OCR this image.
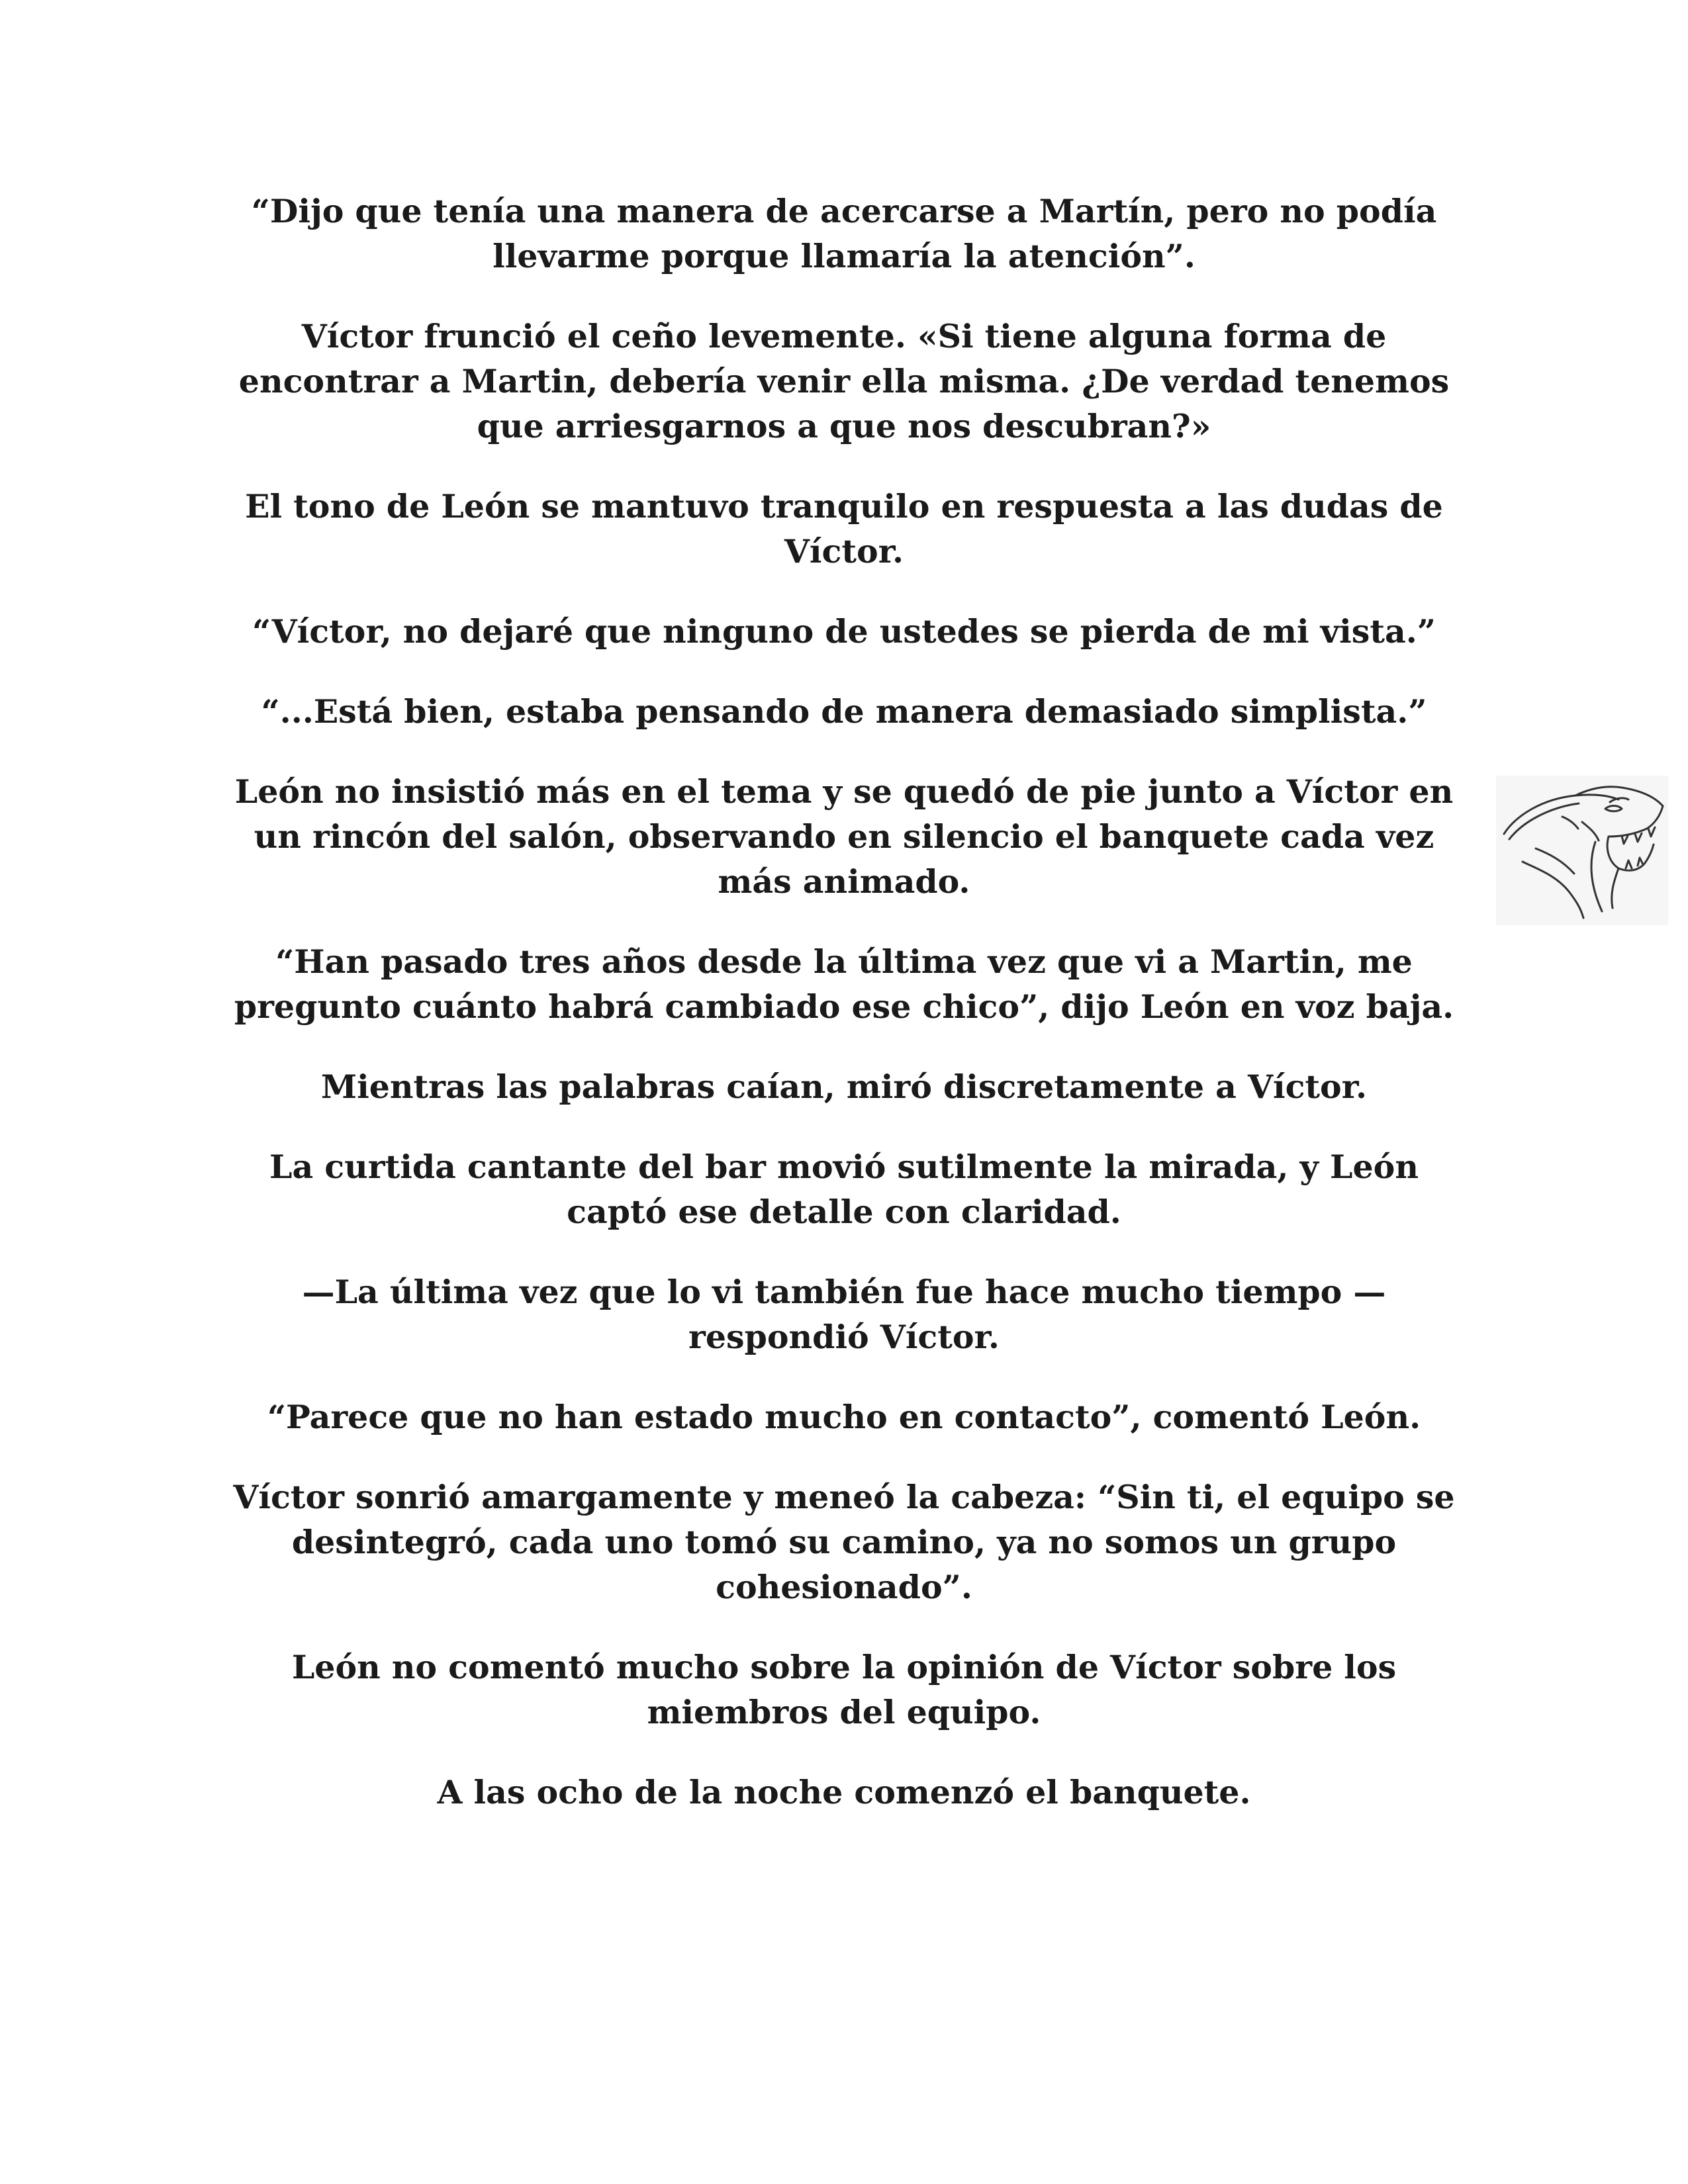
“Dijo que tenía una manera de acercarse a Martín, pero no podía llevarme porque llamaría la atención”.

Víctor frunció el ceño levemente. «Si tiene alguna forma de encontrar a Martin, debería venir ella misma. ¿De verdad tenemos que arriesgarnos a que nos descubran?»

El tono de León se mantuvo tranquilo en respuesta a las dudas de Víctor.

“Víctor, no dejaré que ninguno de ustedes se pierda de mi vista.”

“...Está bien, estaba pensando de manera demasiado simplista.”

León no insistió más en el tema y se quedó de pie junto a Víctor en un rincón del salón, observando en silencio el banquete cada vez más animado.

“Han pasado tres años desde la última vez que vi a Martin, me pregunto cuánto habrá cambiado ese chico”, dijo León en voz baja.

Mientras las palabras caían, miró discretamente a Víctor.

La curtida cantante del bar movió sutilmente la mirada, y León captó ese detalle con claridad.

—La última vez que lo vi también fue hace mucho tiempo — respondió Víctor.

“Parece que no han estado mucho en contacto”, comentó León.

Víctor sonrió amargamente y meneó la cabeza: “Sin ti, el equipo se desintegró, cada uno tomó su camino, ya no somos un grupo cohesionado”.

León no comentó mucho sobre la opinión de Víctor sobre los miembros del equipo.

A las ocho de la noche comenzó el banquete.
